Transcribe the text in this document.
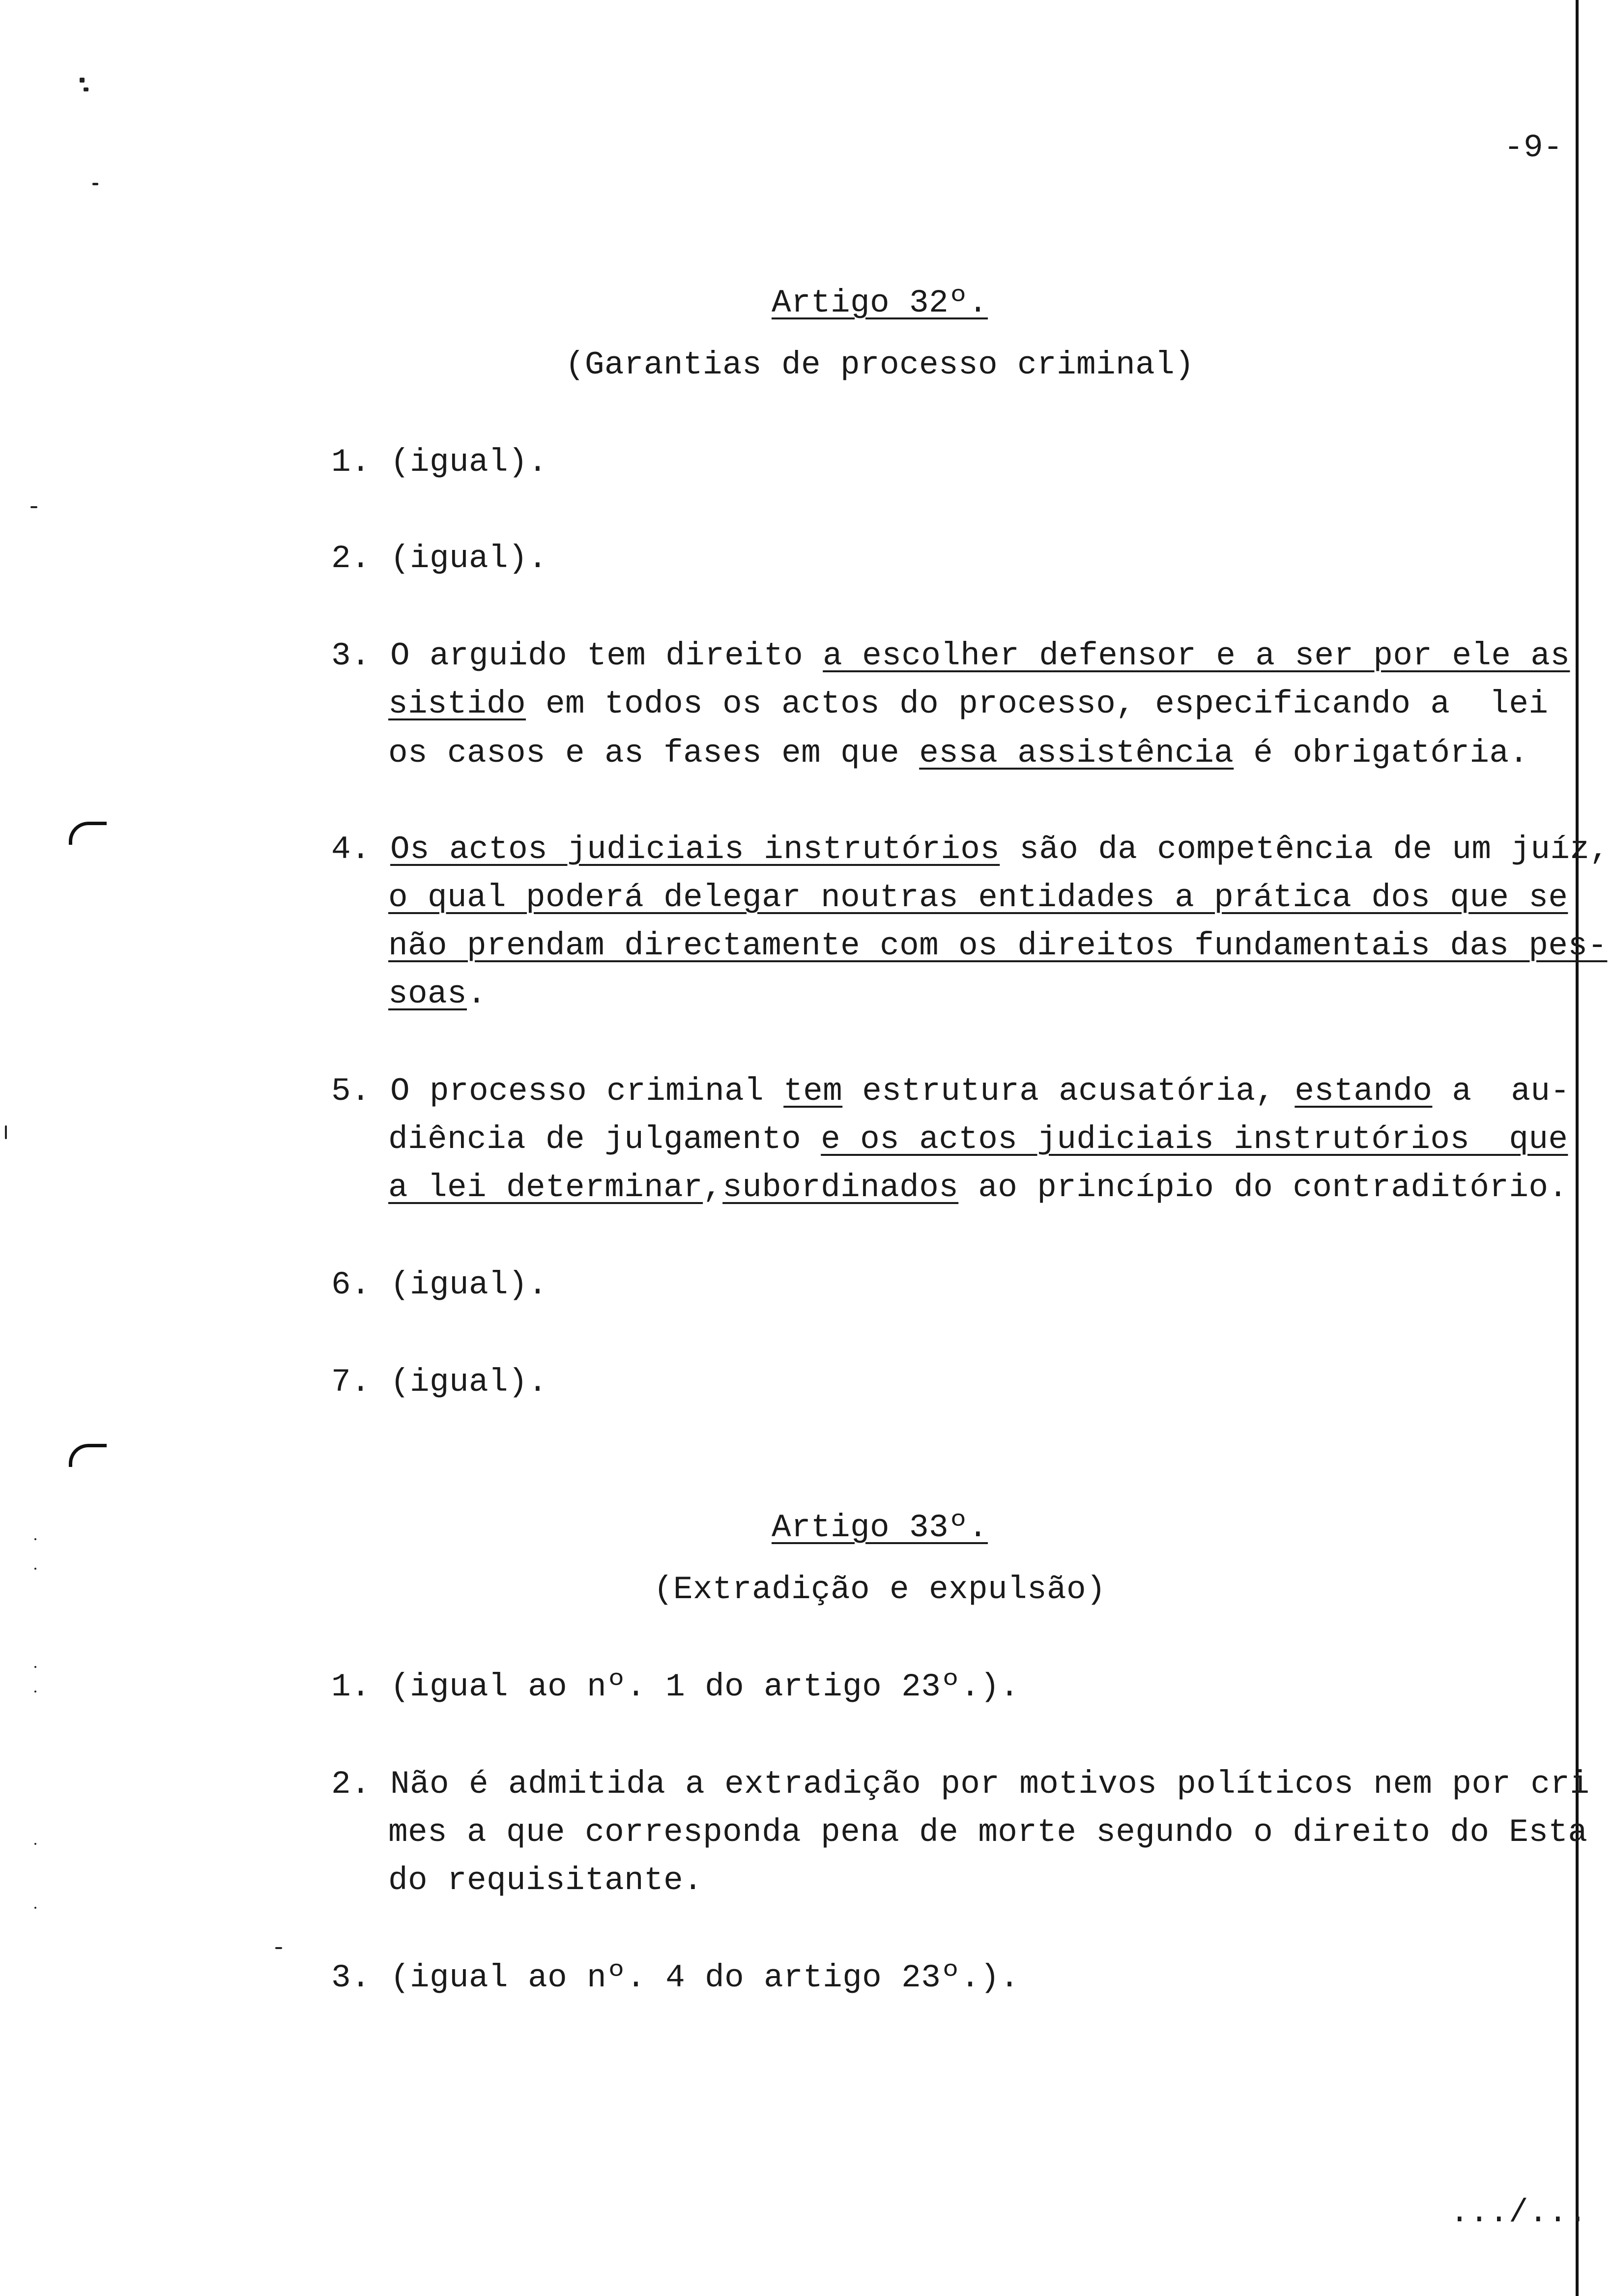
-9-
Artigo 32º.
(Garantias de processo criminal)
1. (igual).
2. (igual).
3. O arguido tem direito a escolher defensor e a ser por ele as
sistido em todos os actos do processo, especificando a  lei
os casos e as fases em que essa assistência é obrigatória.
4. Os actos judiciais instrutórios são da competência de um juíz,
o qual poderá delegar noutras entidades a prática dos que se
não prendam directamente com os direitos fundamentais das pes-
soas.
5. O processo criminal tem estrutura acusatória, estando a  au-
diência de julgamento e os actos judiciais instrutórios  que
a lei determinar,subordinados ao princípio do contraditório.
6. (igual).
7. (igual).
Artigo 33º.
(Extradição e expulsão)
1. (igual ao nº. 1 do artigo 23º.).
2. Não é admitida a extradição por motivos políticos nem por cri
mes a que corresponda pena de morte segundo o direito do Esta
do requisitante.
3. (igual ao nº. 4 do artigo 23º.).
.../...
